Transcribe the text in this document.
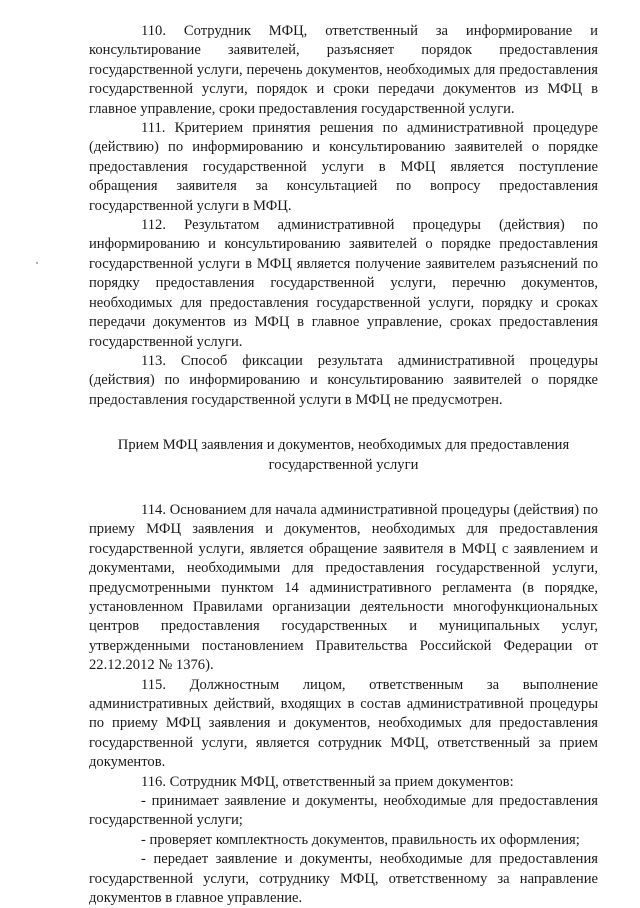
110. Сотрудник МФЦ, ответственный за информирование и консультирование заявителей, разъясняет порядок предоставления государственной услуги, перечень документов, необходимых для предоставления государственной услуги, порядок и сроки передачи документов из МФЦ в главное управление, сроки предоставления государственной услуги.

111. Критерием принятия решения по административной процедуре (действию) по информированию и консультированию заявителей о порядке предоставления государственной услуги в МФЦ является поступление обращения заявителя за консультацией по вопросу предоставления государственной услуги в МФЦ.

112. Результатом административной процедуры (действия) по информированию и консультированию заявителей о порядке предоставления государственной услуги в МФЦ является получение заявителем разъяснений по порядку предоставления государственной услуги, перечню документов, необходимых для предоставления государственной услуги, порядку и сроках передачи документов из МФЦ в главное управление, сроках предоставления государственной услуги.

113. Способ фиксации результата административной процедуры (действия) по информированию и консультированию заявителей о порядке предоставления государственной услуги в МФЦ не предусмотрен.

Прием МФЦ заявления и документов, необходимых для предоставления государственной услуги

114. Основанием для начала административной процедуры (действия) по приему МФЦ заявления и документов, необходимых для предоставления государственной услуги, является обращение заявителя в МФЦ с заявлением и документами, необходимыми для предоставления государственной услуги, предусмотренными пунктом 14 административного регламента (в порядке, установленном Правилами организации деятельности многофункциональных центров предоставления государственных и муниципальных услуг, утвержденными постановлением Правительства Российской Федерации от 22.12.2012 № 1376).

115. Должностным лицом, ответственным за выполнение административных действий, входящих в состав административной процедуры по приему МФЦ заявления и документов, необходимых для предоставления государственной услуги, является сотрудник МФЦ, ответственный за прием документов.

116. Сотрудник МФЦ, ответственный за прием документов:

- принимает заявление и документы, необходимые для предоставления государственной услуги;

- проверяет комплектность документов, правильность их оформления;

- передает заявление и документы, необходимые для предоставления государственной услуги, сотруднику МФЦ, ответственному за направление документов в главное управление.
